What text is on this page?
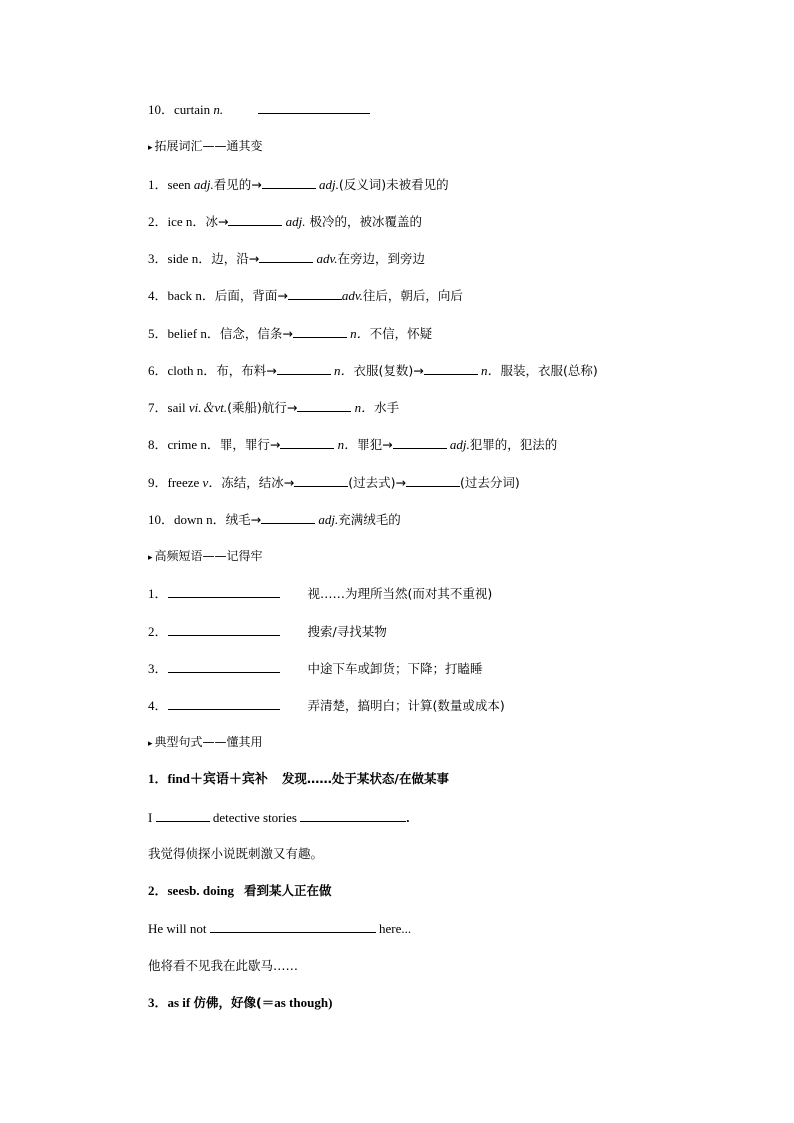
10．curtain n.
▸ 拓展词汇——通其变
1．seen adj.看见的→	adj.(反义词)未被看见的
2．ice n．冰→	adj. 极冷的，被冰覆盖的
3．side n．边，沿→	adv.在旁边，到旁边
4．back n．后面，背面→	adv.往后，朝后，向后
5．belief n．信念，信条→	n．不信，怀疑
6．cloth n．布，布料→	n．衣服(复数)→	n．服装，衣服(总称)
7．sail vi.＆vt.(乘船)航行→	n．水手
8．crime n．罪，罪行→	n．罪犯→	adj.犯罪的，犯法的
9．freeze v．冻结，结冰→	(过去式)→	(过去分词)
10．down n．绒毛→	adj.充满绒毛的
▸ 高频短语——记得牢
1．	视……为理所当然(而对其不重视)
2．	搜索/寻找某物
3．	中途下车或卸货；下降；打瞌睡
4．	弄清楚，搞明白；计算(数量或成本)
▸ 典型句式——懂其用
1．find＋宾语＋宾补 发现……处于某状态/在做某事
I	detective stories	.
我觉得侦探小说既刺激又有趣。
2．seesb. doing 看到某人正在做
He will not	here...
他将看不见我在此歇马……
3．as if 仿佛，好像(＝as though)
